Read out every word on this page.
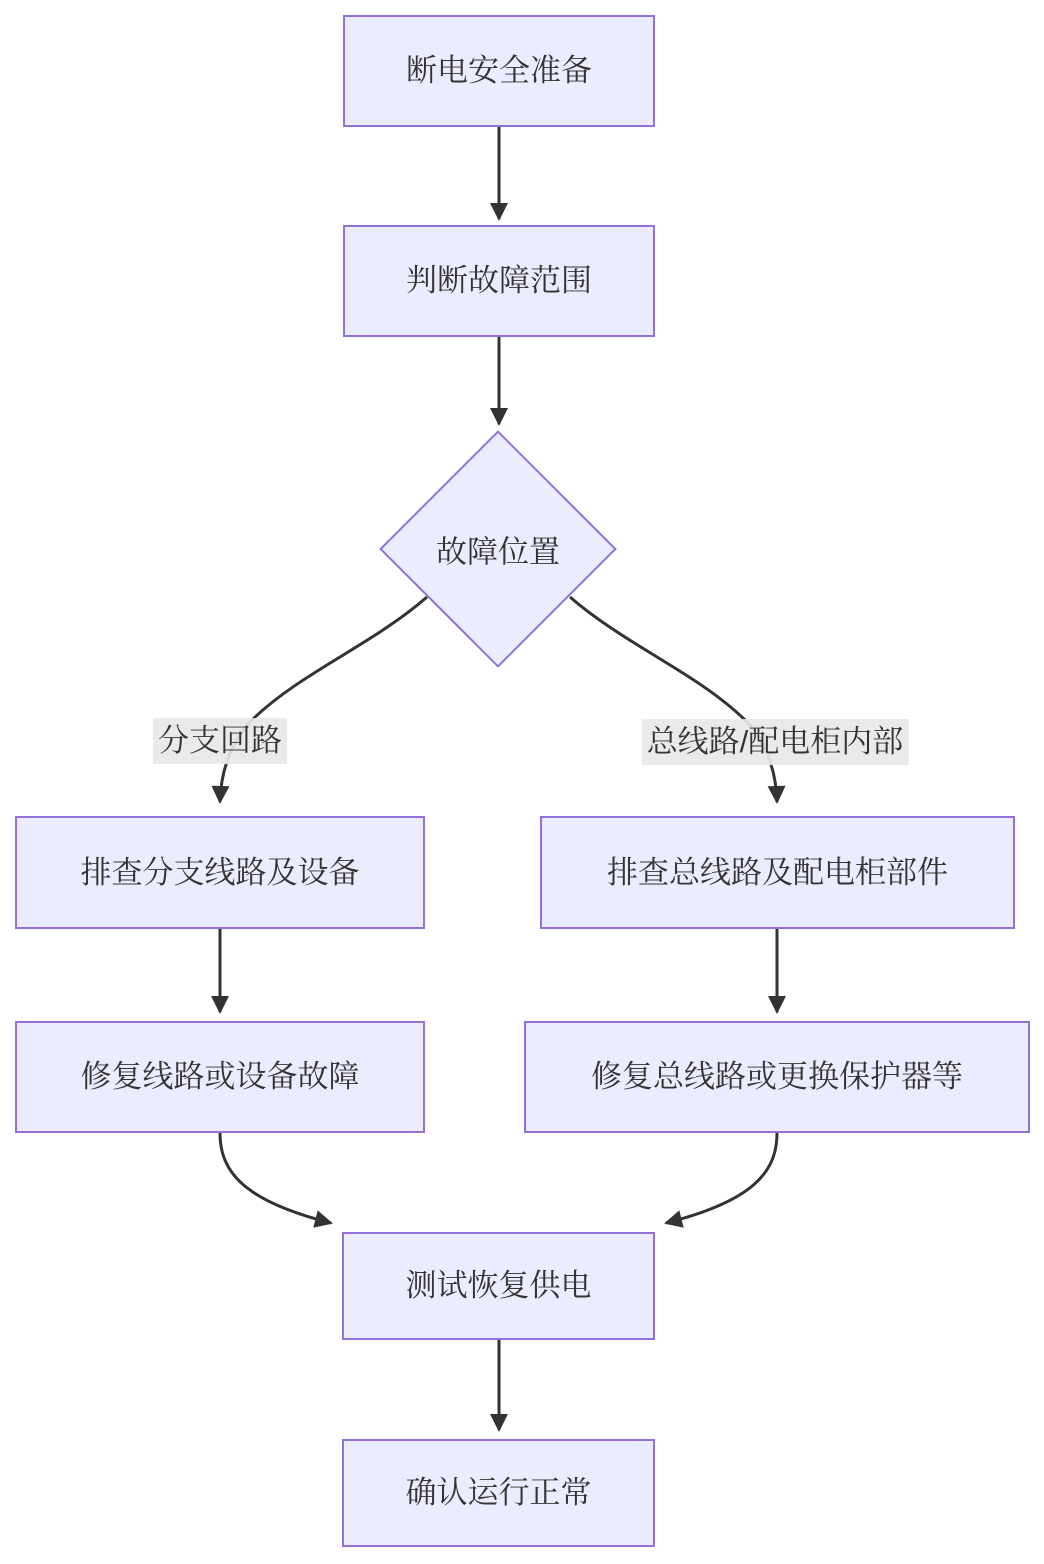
分支回路	总线路/配电柜内部
断电安全准备
判断故障范围
故障位置
排查分支线路及设备	排查总线路及配电柜部件
修复线路或设备故障	修复总线路或更换保护器等
测试恢复供电
确认运行正常
